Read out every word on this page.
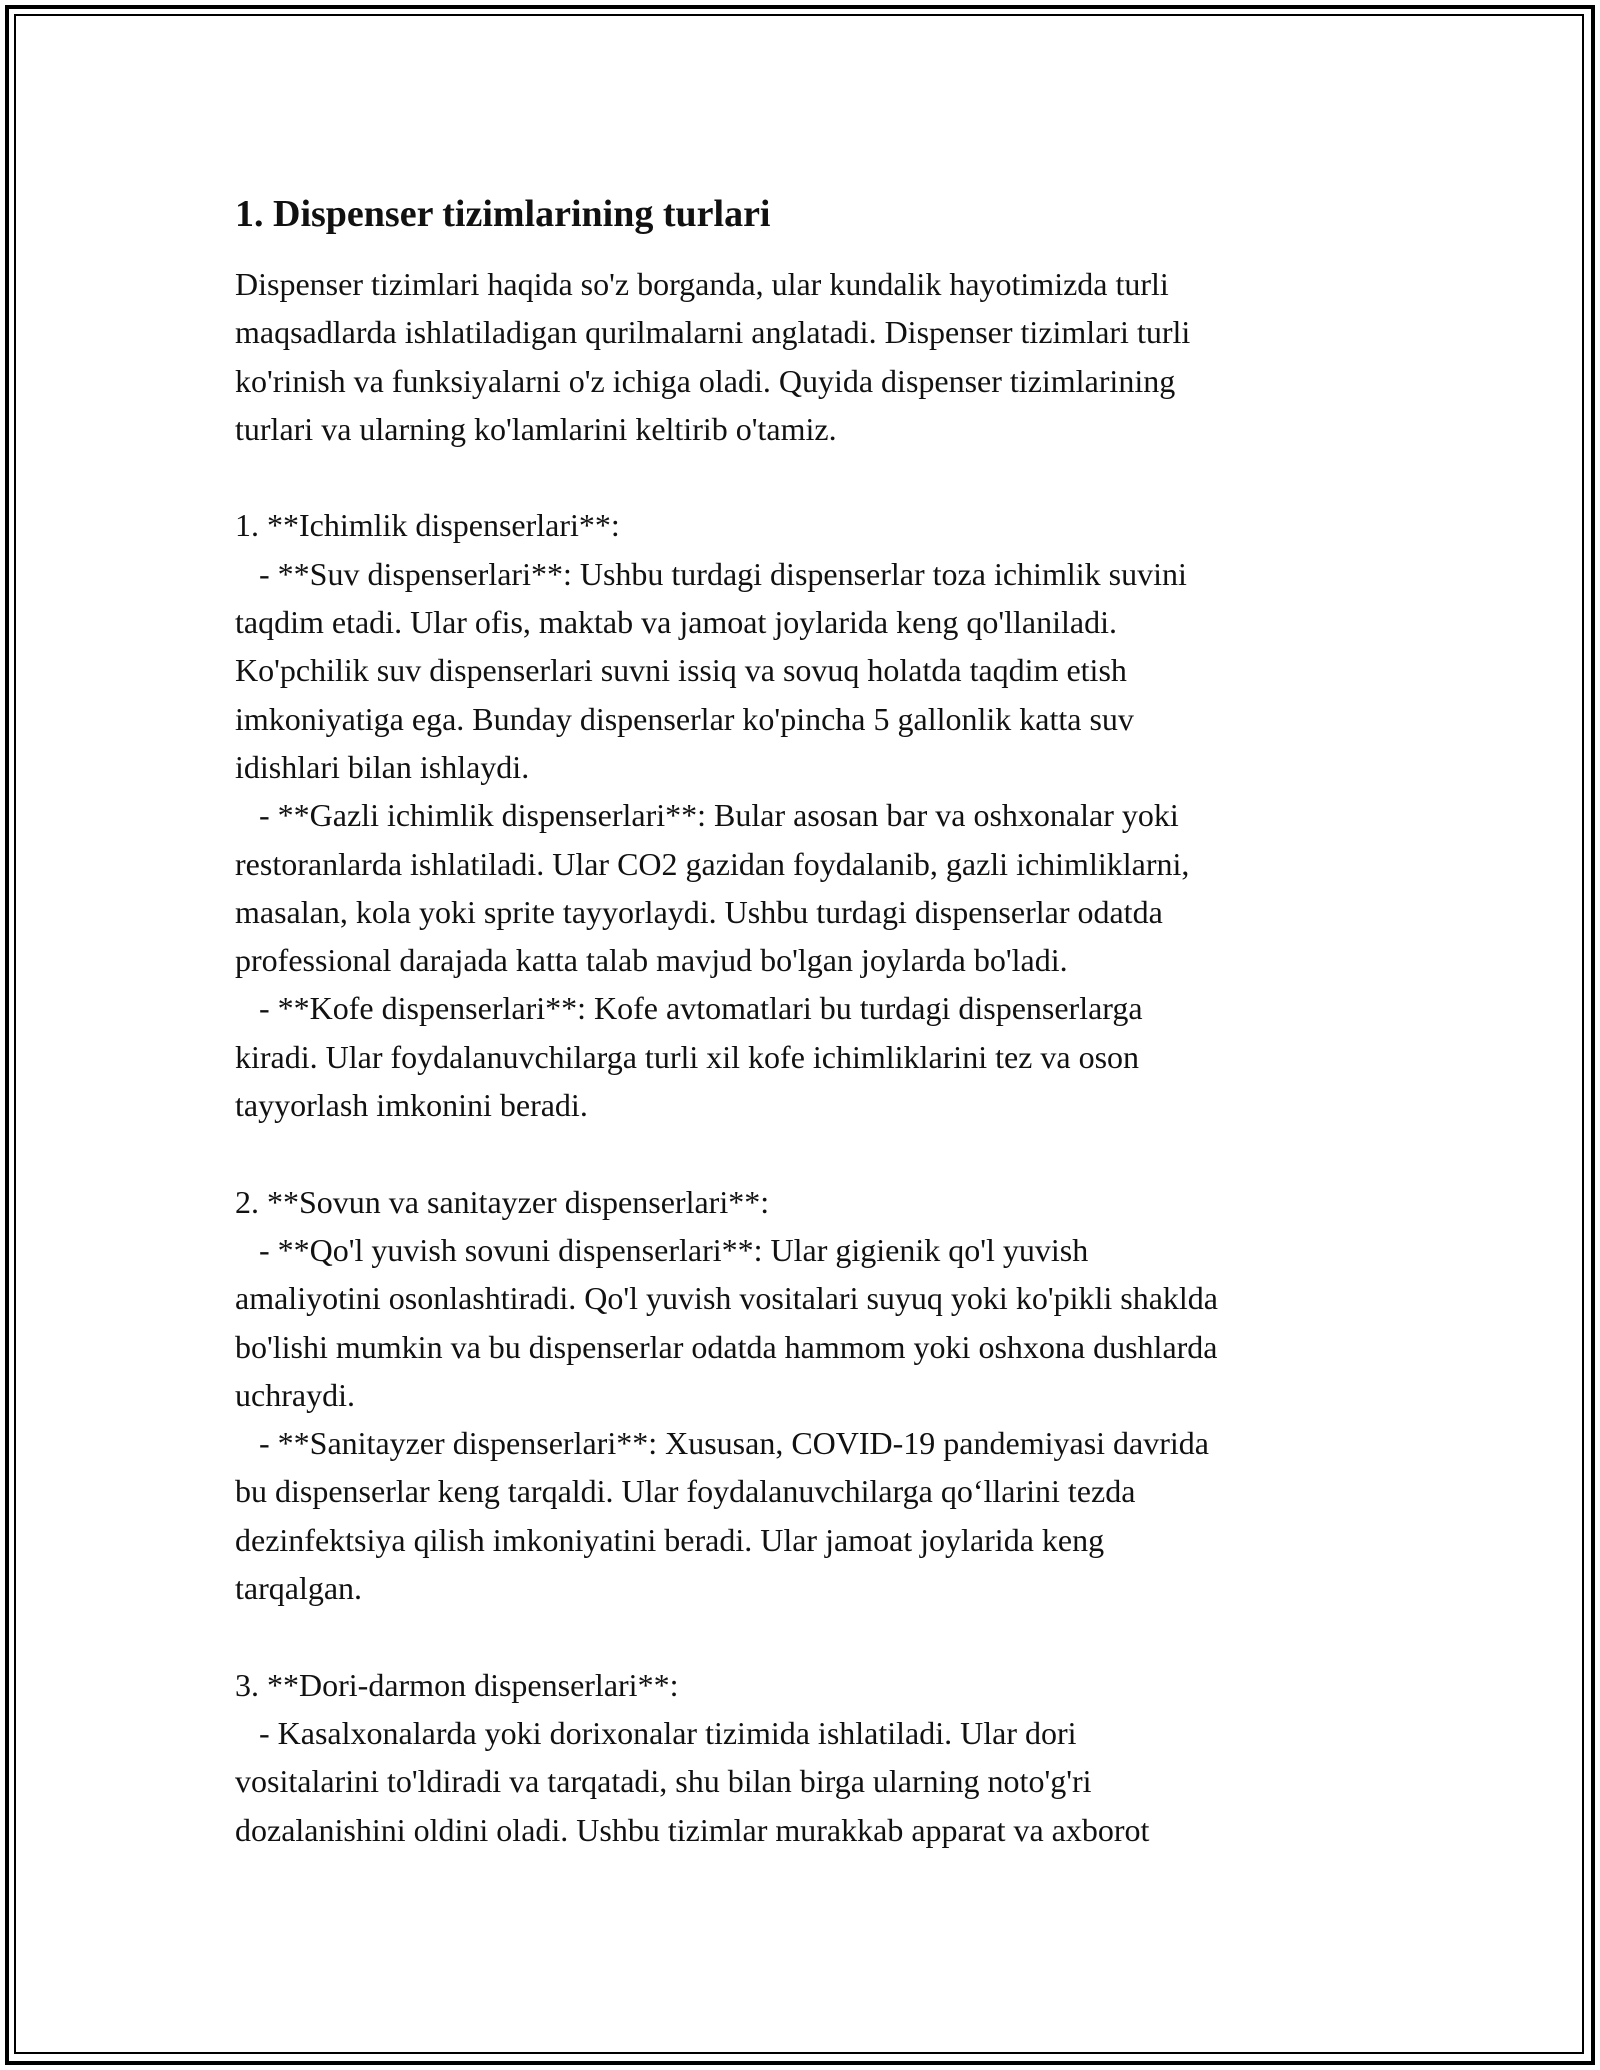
1. Dispenser tizimlarining turlari

Dispenser tizimlari haqida so'z borganda, ular kundalik hayotimizda turli
maqsadlarda ishlatiladigan qurilmalarni anglatadi. Dispenser tizimlari turli
ko'rinish va funksiyalarni o'z ichiga oladi. Quyida dispenser tizimlarining
turlari va ularning ko'lamlarini keltirib o'tamiz.

1. **Ichimlik dispenserlari**:
- **Suv dispenserlari**: Ushbu turdagi dispenserlar toza ichimlik suvini
taqdim etadi. Ular ofis, maktab va jamoat joylarida keng qo'llaniladi.
Ko'pchilik suv dispenserlari suvni issiq va sovuq holatda taqdim etish
imkoniyatiga ega. Bunday dispenserlar ko'pincha 5 gallonlik katta suv
idishlari bilan ishlaydi.
- **Gazli ichimlik dispenserlari**: Bular asosan bar va oshxonalar yoki
restoranlarda ishlatiladi. Ular CO2 gazidan foydalanib, gazli ichimliklarni,
masalan, kola yoki sprite tayyorlaydi. Ushbu turdagi dispenserlar odatda
professional darajada katta talab mavjud bo'lgan joylarda bo'ladi.
- **Kofe dispenserlari**: Kofe avtomatlari bu turdagi dispenserlarga
kiradi. Ular foydalanuvchilarga turli xil kofe ichimliklarini tez va oson
tayyorlash imkonini beradi.

2. **Sovun va sanitayzer dispenserlari**:
- **Qo'l yuvish sovuni dispenserlari**: Ular gigienik qo'l yuvish
amaliyotini osonlashtiradi. Qo'l yuvish vositalari suyuq yoki ko'pikli shaklda
bo'lishi mumkin va bu dispenserlar odatda hammom yoki oshxona dushlarda
uchraydi.
- **Sanitayzer dispenserlari**: Xususan, COVID-19 pandemiyasi davrida
bu dispenserlar keng tarqaldi. Ular foydalanuvchilarga qo‘llarini tezda
dezinfektsiya qilish imkoniyatini beradi. Ular jamoat joylarida keng
tarqalgan.

3. **Dori-darmon dispenserlari**:
- Kasalxonalarda yoki dorixonalar tizimida ishlatiladi. Ular dori
vositalarini to'ldiradi va tarqatadi, shu bilan birga ularning noto'g'ri
dozalanishini oldini oladi. Ushbu tizimlar murakkab apparat va axborot
